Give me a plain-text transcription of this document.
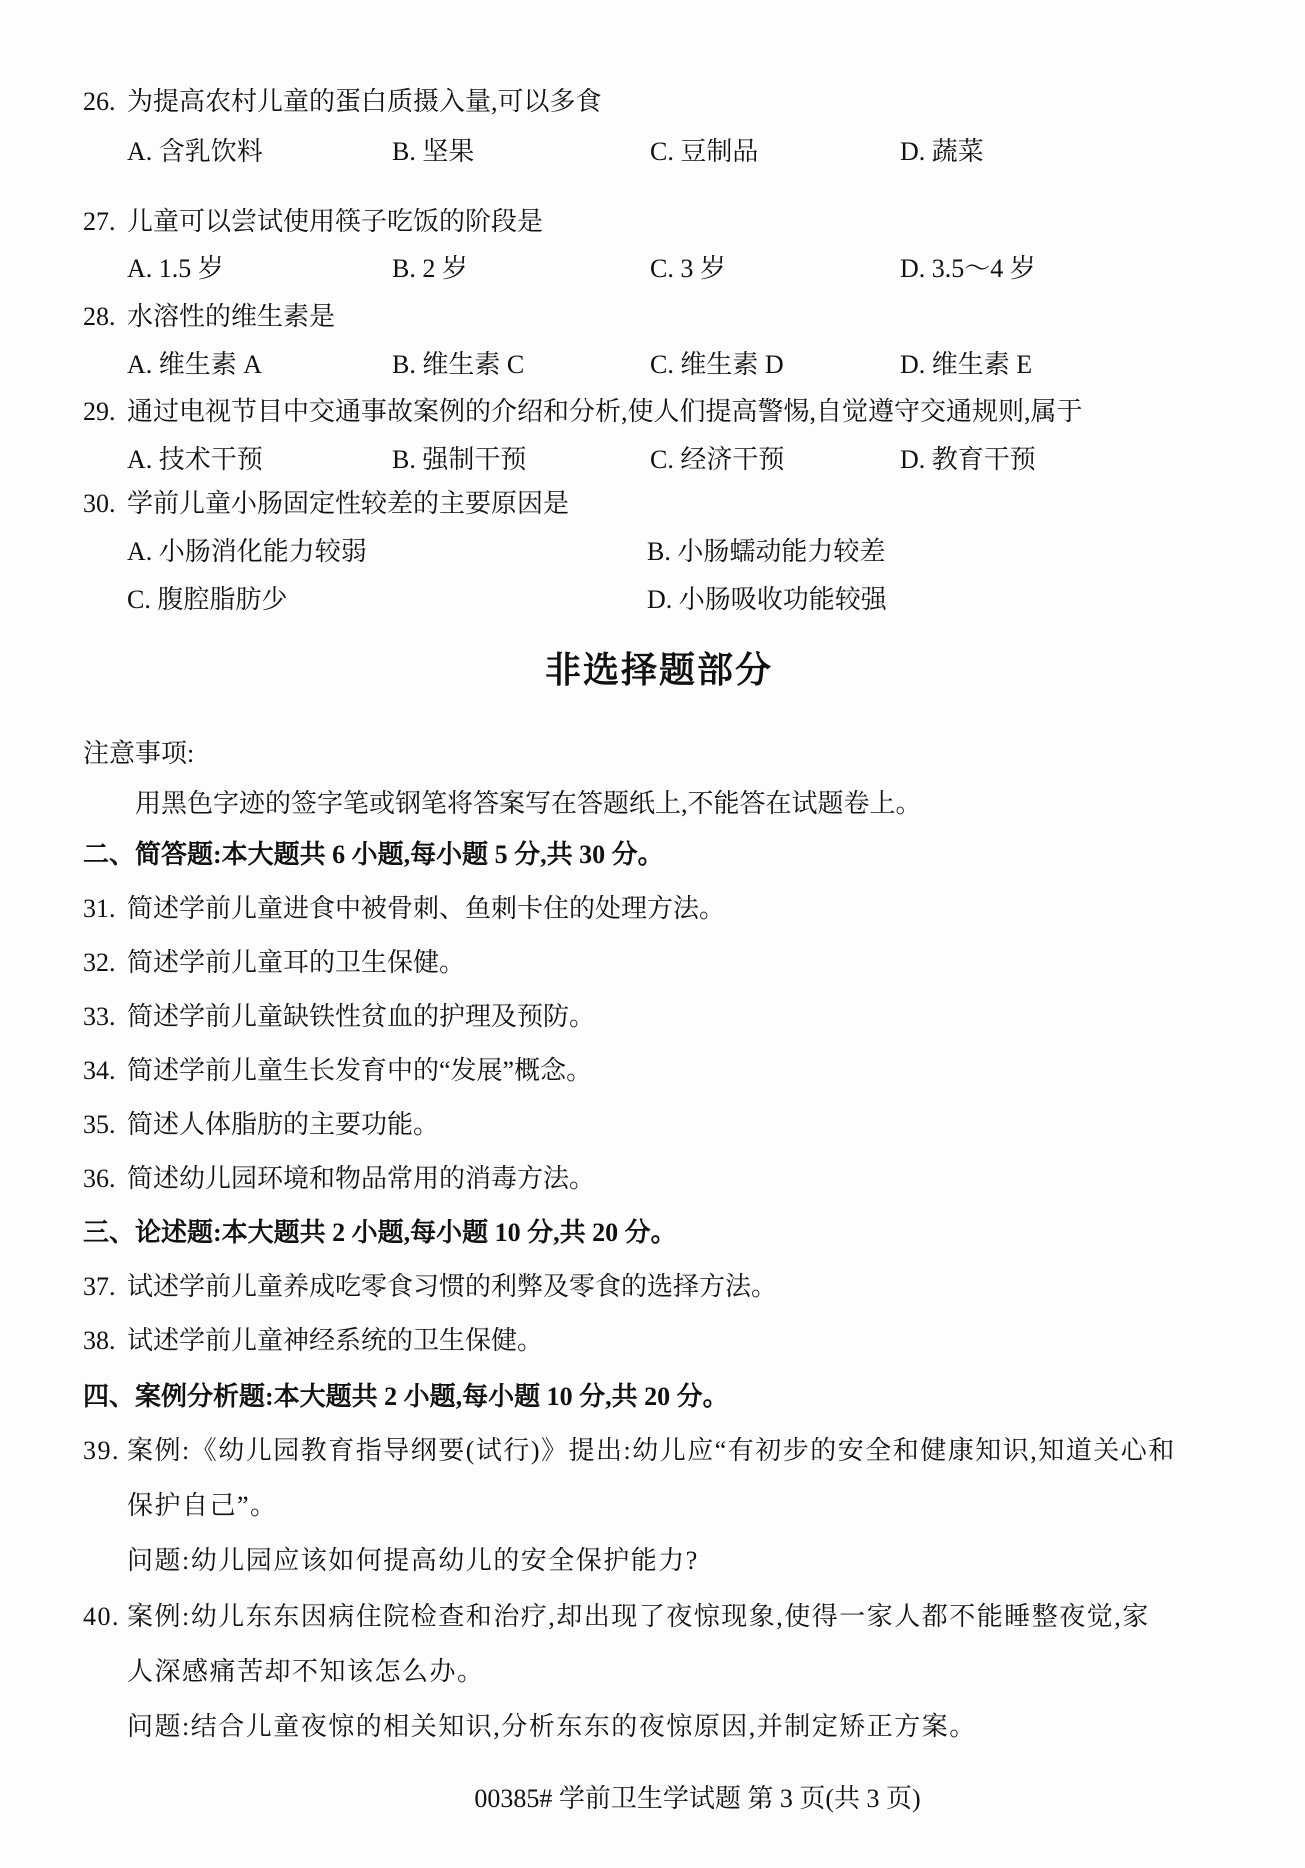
26. 为提高农村儿童的蛋白质摄入量,可以多食
A. 含乳饮料	B. 坚果	C. 豆制品	D. 蔬菜
27. 儿童可以尝试使用筷子吃饭的阶段是
A. 1.5 岁	B. 2 岁	C. 3 岁	D. 3.5～4 岁
28. 水溶性的维生素是
A. 维生素 A	B. 维生素 C	C. 维生素 D	D. 维生素 E
29. 通过电视节目中交通事故案例的介绍和分析,使人们提高警惕,自觉遵守交通规则,属于
A. 技术干预	B. 强制干预	C. 经济干预	D. 教育干预
30. 学前儿童小肠固定性较差的主要原因是
A. 小肠消化能力较弱	B. 小肠蠕动能力较差
C. 腹腔脂肪少	D. 小肠吸收功能较强
非选择题部分
注意事项:
用黑色字迹的签字笔或钢笔将答案写在答题纸上,不能答在试题卷上。
二、简答题:本大题共 6 小题,每小题 5 分,共 30 分。
31. 简述学前儿童进食中被骨刺、鱼刺卡住的处理方法。
32. 简述学前儿童耳的卫生保健。
33. 简述学前儿童缺铁性贫血的护理及预防。
34. 简述学前儿童生长发育中的“发展”概念。
35. 简述人体脂肪的主要功能。
36. 简述幼儿园环境和物品常用的消毒方法。
三、论述题:本大题共 2 小题,每小题 10 分,共 20 分。
37. 试述学前儿童养成吃零食习惯的利弊及零食的选择方法。
38. 试述学前儿童神经系统的卫生保健。
四、案例分析题:本大题共 2 小题,每小题 10 分,共 20 分。
39. 案例:《幼儿园教育指导纲要(试行)》提出:幼儿应“有初步的安全和健康知识,知道关心和
保护自己”。
问题:幼儿园应该如何提高幼儿的安全保护能力?
40. 案例:幼儿东东因病住院检查和治疗,却出现了夜惊现象,使得一家人都不能睡整夜觉,家
人深感痛苦却不知该怎么办。
问题:结合儿童夜惊的相关知识,分析东东的夜惊原因,并制定矫正方案。
00385# 学前卫生学试题 第 3 页(共 3 页)
